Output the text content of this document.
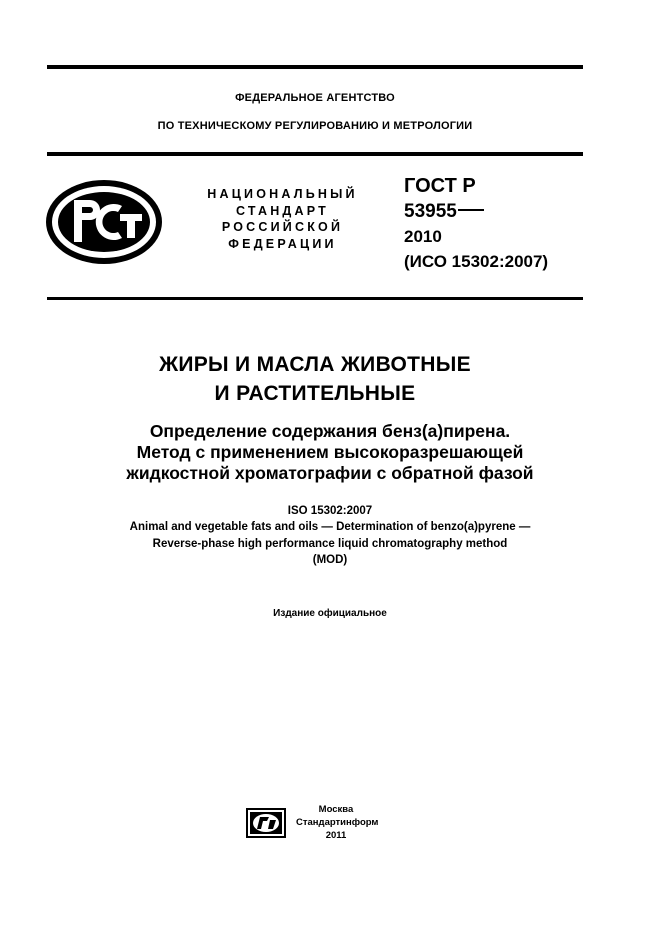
ФЕДЕРАЛЬНОЕ АГЕНТСТВО
ПО ТЕХНИЧЕСКОМУ РЕГУЛИРОВАНИЮ И МЕТРОЛОГИИ
НАЦИОНАЛЬНЫЙ
СТАНДАРТ
РОССИЙСКОЙ
ФЕДЕРАЦИИ
ГОСТ Р
53955
2010
(ИСО 15302:2007)
ЖИРЫ И МАСЛА ЖИВОТНЫЕ
И РАСТИТЕЛЬНЫЕ
Определение содержания бенз(а)пирена.
Метод с применением высокоразрешающей
жидкостной хроматографии с обратной фазой
ISO 15302:2007
Animal and vegetable fats and oils — Determination of benzo(a)pyrene —
Reverse-phase high performance liquid chromatography method
(MOD)
Издание официальное
Москва
Стандартинформ
2011
